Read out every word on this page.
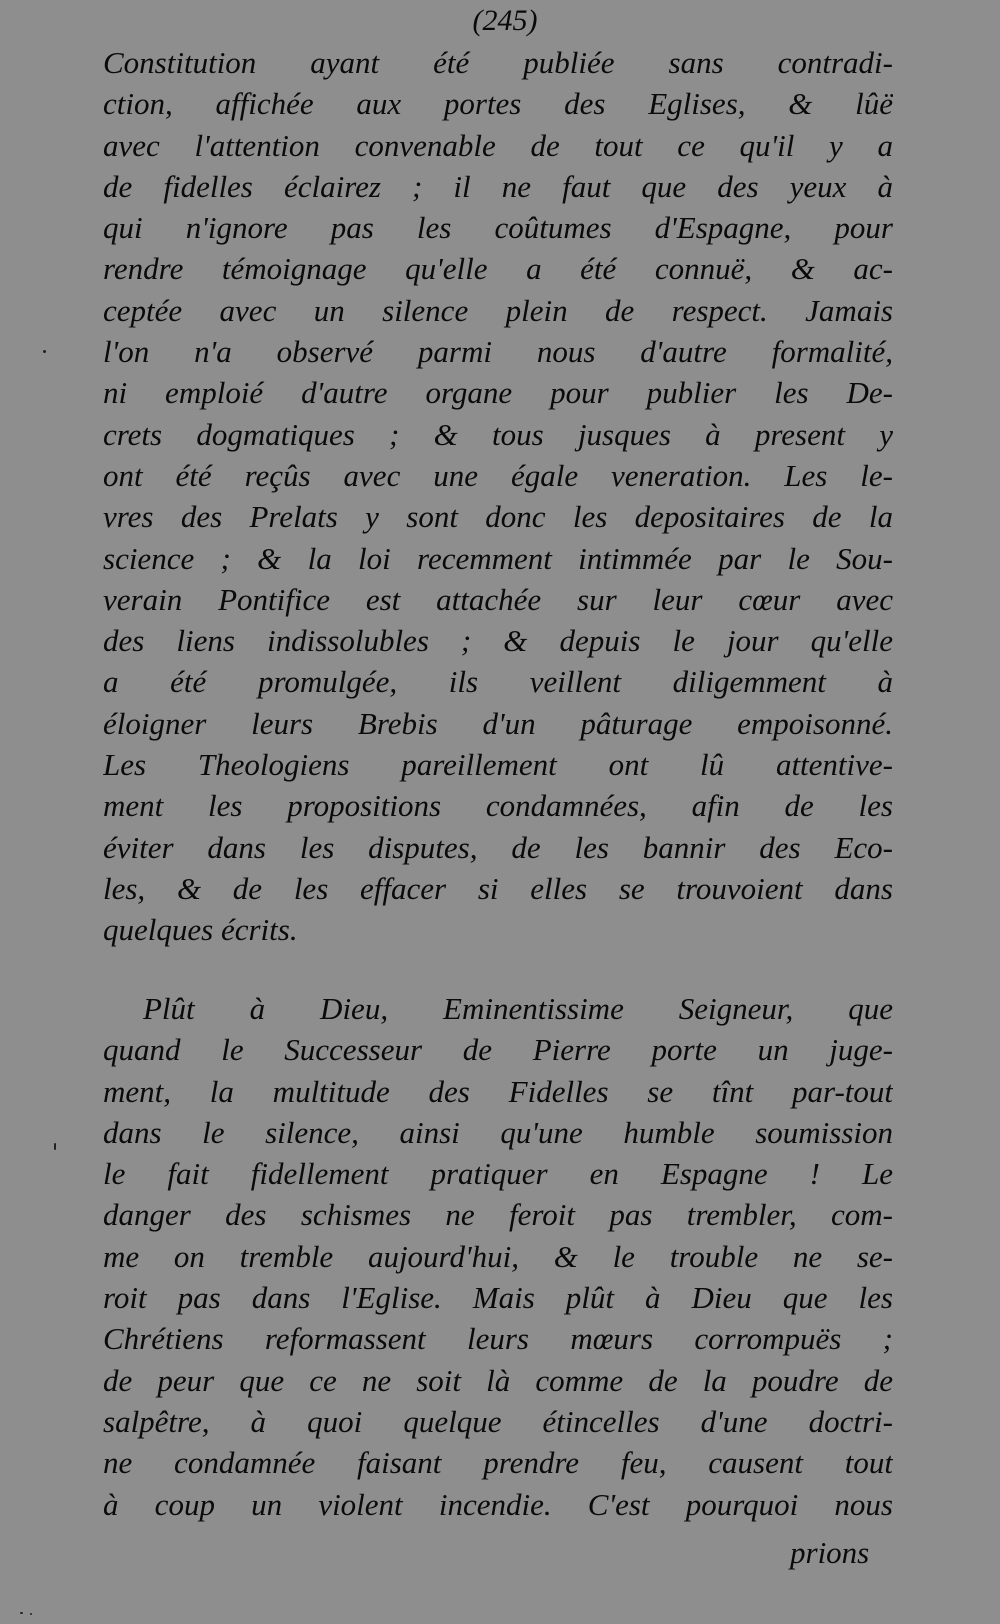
(245)
Constitution ayant été publiée sans contradi-
ction, affichée aux portes des Eglises, & lûë
avec l'attention convenable de tout ce qu'il y a
de fidelles éclairez ; il ne faut que des yeux à
qui n'ignore pas les coûtumes d'Espagne, pour
rendre témoignage qu'elle a été connuë, & ac-
ceptée avec un silence plein de respect. Jamais
l'on n'a observé parmi nous d'autre formalité,
ni emploié d'autre organe pour publier les De-
crets dogmatiques ; & tous jusques à present y
ont été reçûs avec une égale veneration. Les le-
vres des Prelats y sont donc les depositaires de la
science ; & la loi recemment intimmée par le Sou-
verain Pontifice est attachée sur leur cœur avec
des liens indissolubles ; & depuis le jour qu'elle
a été promulgée, ils veillent diligemment à
éloigner leurs Brebis d'un pâturage empoisonné.
Les Theologiens pareillement ont lû attentive-
ment les propositions condamnées, afin de les
éviter dans les disputes, de les bannir des Eco-
les, & de les effacer si elles se trouvoient dans
quelques écrits.
Plût à Dieu, Eminentissime Seigneur, que
quand le Successeur de Pierre porte un juge-
ment, la multitude des Fidelles se tînt par-tout
dans le silence, ainsi qu'une humble soumission
le fait fidellement pratiquer en Espagne ! Le
danger des schismes ne feroit pas trembler, com-
me on tremble aujourd'hui, & le trouble ne se-
roit pas dans l'Eglise. Mais plût à Dieu que les
Chrétiens reformassent leurs mœurs corrompuës ;
de peur que ce ne soit là comme de la poudre de
salpêtre, à quoi quelque étincelles d'une doctri-
ne condamnée faisant prendre feu, causent tout
à coup un violent incendie. C'est pourquoi nous
prions
